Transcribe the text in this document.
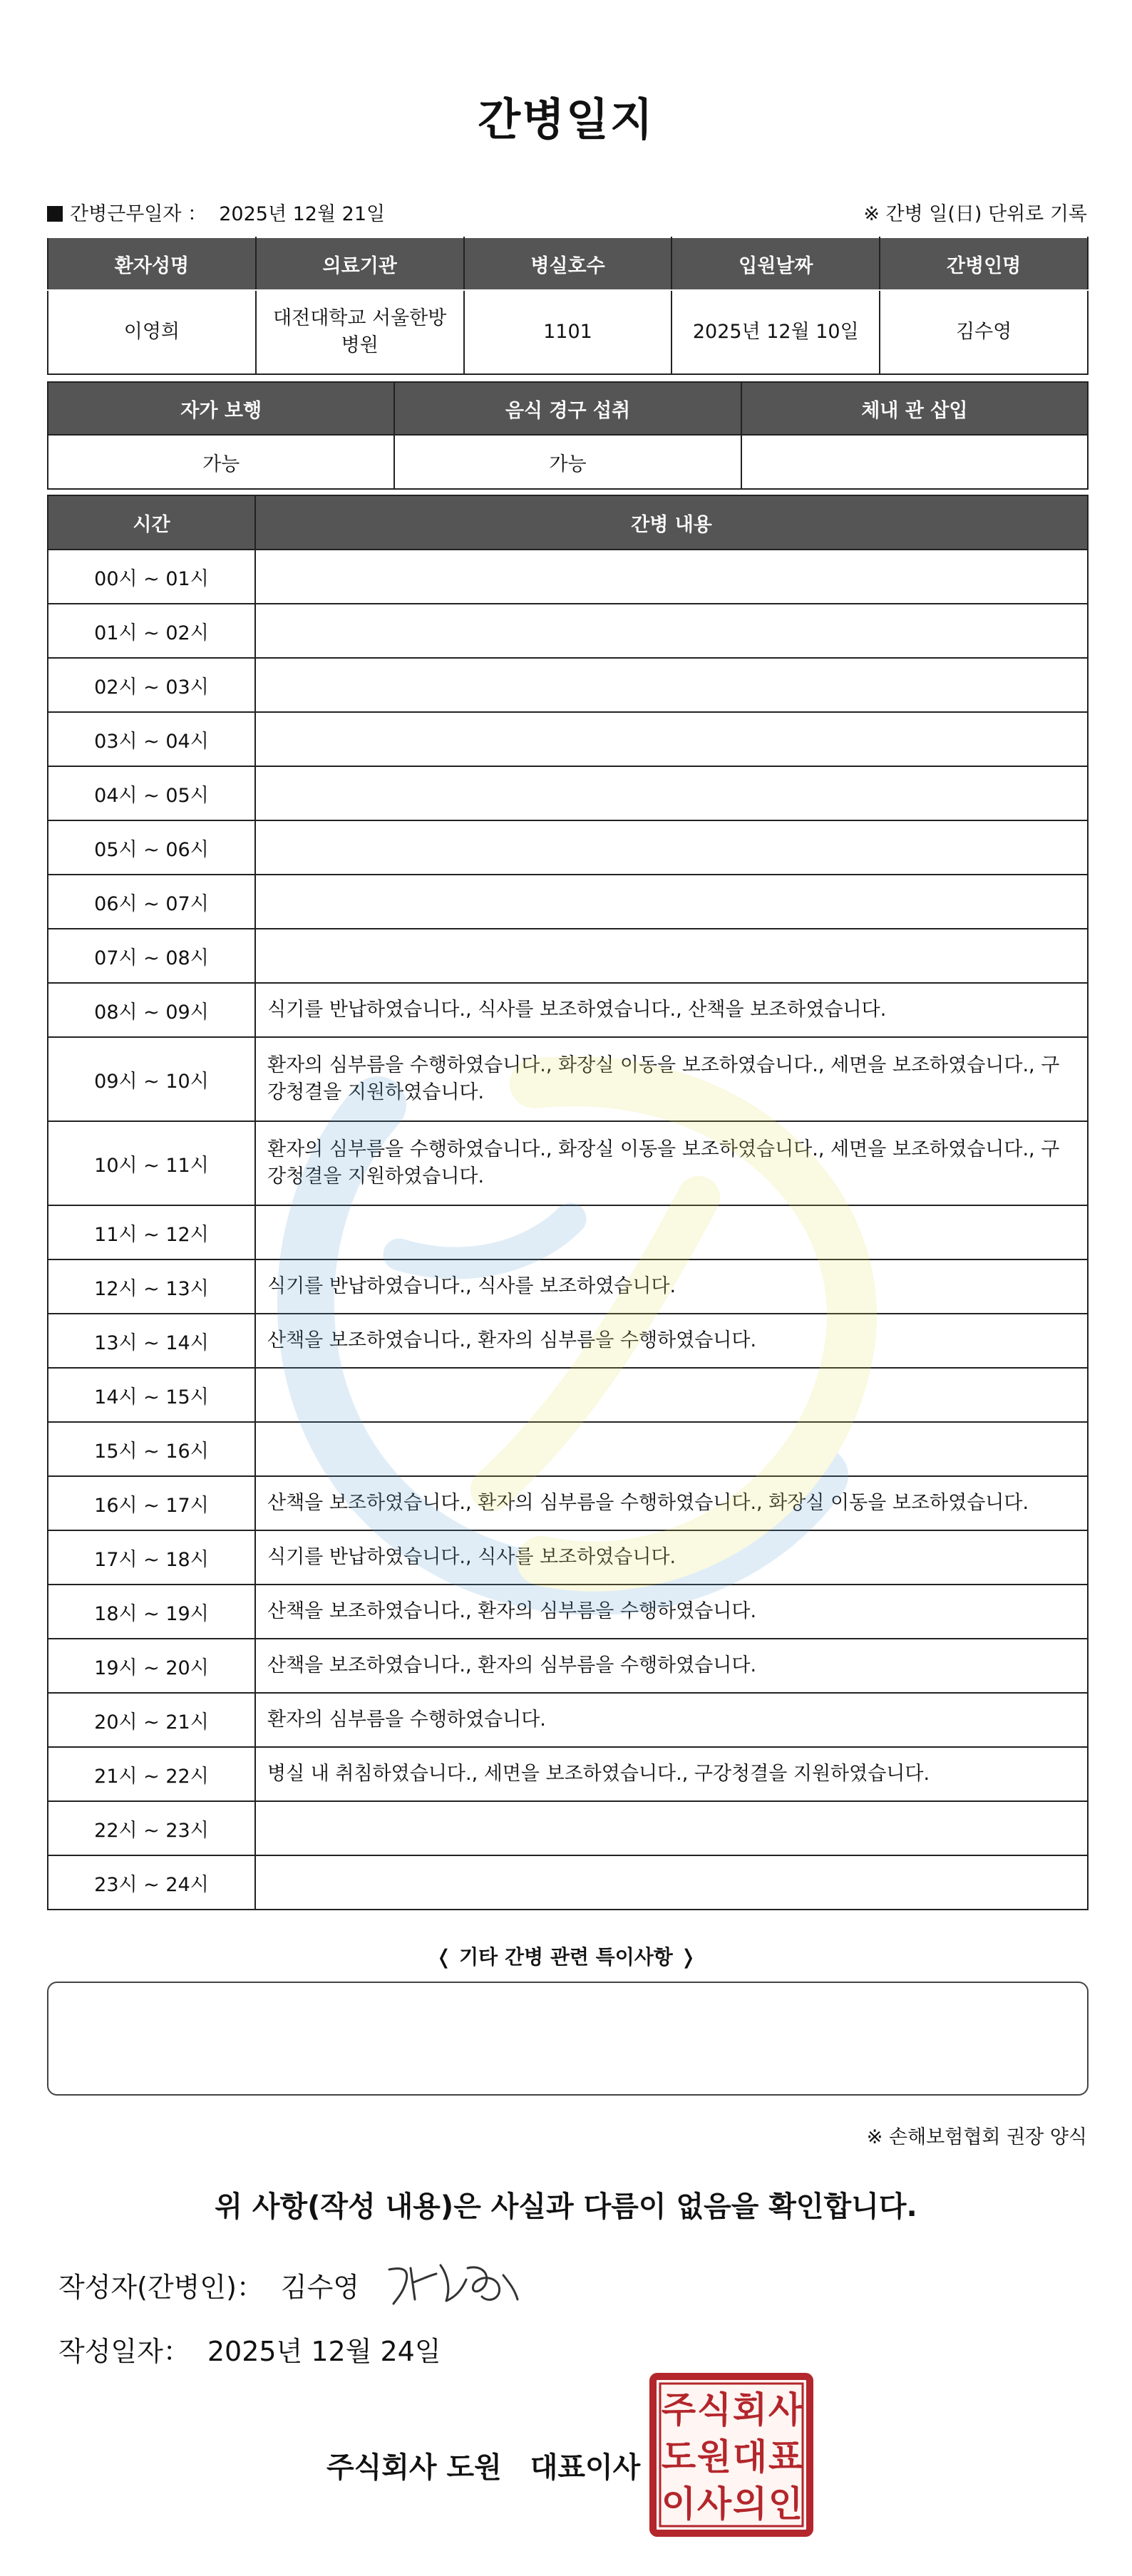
간병일지
간병근무일자 ： 2025년 12월 21일	※ 간병 일(日) 단위로 기록
환자성명	의료기관	병실호수	입원날짜	간병인명
이영희	대전대학교 서울한방병원	1101	2025년 12월 10일	김수영
자가 보행	음식 경구 섭취	체내 관 삽입
가능	가능	
시간	간병 내용
00시 ~ 01시	
01시 ~ 02시	
02시 ~ 03시	
03시 ~ 04시	
04시 ~ 05시	
05시 ~ 06시	
06시 ~ 07시	
07시 ~ 08시	
08시 ~ 09시	식기를 반납하였습니다., 식사를 보조하였습니다., 산책을 보조하였습니다.
09시 ~ 10시	환자의 심부름을 수행하였습니다., 화장실 이동을 보조하였습니다., 세면을 보조하였습니다., 구강청결을 지원하였습니다.
10시 ~ 11시	환자의 심부름을 수행하였습니다., 화장실 이동을 보조하였습니다., 세면을 보조하였습니다., 구강청결을 지원하였습니다.
11시 ~ 12시	
12시 ~ 13시	식기를 반납하였습니다., 식사를 보조하였습니다.
13시 ~ 14시	산책을 보조하였습니다., 환자의 심부름을 수행하였습니다.
14시 ~ 15시	
15시 ~ 16시	
16시 ~ 17시	산책을 보조하였습니다., 환자의 심부름을 수행하였습니다., 화장실 이동을 보조하였습니다.
17시 ~ 18시	식기를 반납하였습니다., 식사를 보조하였습니다.
18시 ~ 19시	산책을 보조하였습니다., 환자의 심부름을 수행하였습니다.
19시 ~ 20시	산책을 보조하였습니다., 환자의 심부름을 수행하였습니다.
20시 ~ 21시	환자의 심부름을 수행하였습니다.
21시 ~ 22시	병실 내 취침하였습니다., 세면을 보조하였습니다., 구강청결을 지원하였습니다.
22시 ~ 23시	
23시 ~ 24시	
❬ 기타 간병 관련 특이사항 ❭
※ 손해보험협회 권장 양식
위 사항(작성 내용)은 사실과 다름이 없음을 확인합니다.
작성자(간병인)： 김수영
작성일자： 2025년 12월 24일
주식회사 도원 대표이사
주 식 회 사
도 원 대 표
이 사 의 인
